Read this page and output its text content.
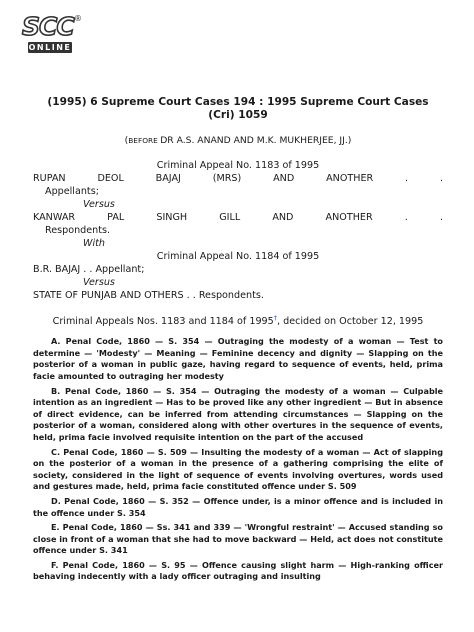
SCC ®
ONLINE
(1995) 6 Supreme Court Cases 194 : 1995 Supreme Court Cases (Cri) 1059
(BEFORE DR A.S. ANAND AND M.K. MUKHERJEE, JJ.)
Criminal Appeal No. 1183 of 1995
RUPAN DEOL BAJAJ (MRS) AND ANOTHER . .
Appellants;
Versus
KANWAR PAL SINGH GILL AND ANOTHER . .
Respondents.
With
Criminal Appeal No. 1184 of 1995
B.R. BAJAJ . . Appellant;
Versus
STATE OF PUNJAB AND OTHERS . . Respondents.
Criminal Appeals Nos. 1183 and 1184 of 1995†, decided on October 12, 1995
A. Penal Code, 1860 — S. 354 — Outraging the modesty of a woman — Test to determine — 'Modesty' — Meaning — Feminine decency and dignity — Slapping on the posterior of a woman in public gaze, having regard to sequence of events, held, prima facie amounted to outraging her modesty
B. Penal Code, 1860 — S. 354 — Outraging the modesty of a woman — Culpable intention as an ingredient — Has to be proved like any other ingredient — But in absence of direct evidence, can be inferred from attending circumstances — Slapping on the posterior of a woman, considered along with other overtures in the sequence of events, held, prima facie involved requisite intention on the part of the accused
C. Penal Code, 1860 — S. 509 — Insulting the modesty of a woman — Act of slapping on the posterior of a woman in the presence of a gathering comprising the elite of society, considered in the light of sequence of events involving overtures, words used and gestures made, held, prima facie constituted offence under S. 509
D. Penal Code, 1860 — S. 352 — Offence under, is a minor offence and is included in the offence under S. 354
E. Penal Code, 1860 — Ss. 341 and 339 — 'Wrongful restraint' — Accused standing so close in front of a woman that she had to move backward — Held, act does not constitute offence under S. 341
F. Penal Code, 1860 — S. 95 — Offence causing slight harm — High-ranking officer behaving indecently with a lady officer outraging and insulting
